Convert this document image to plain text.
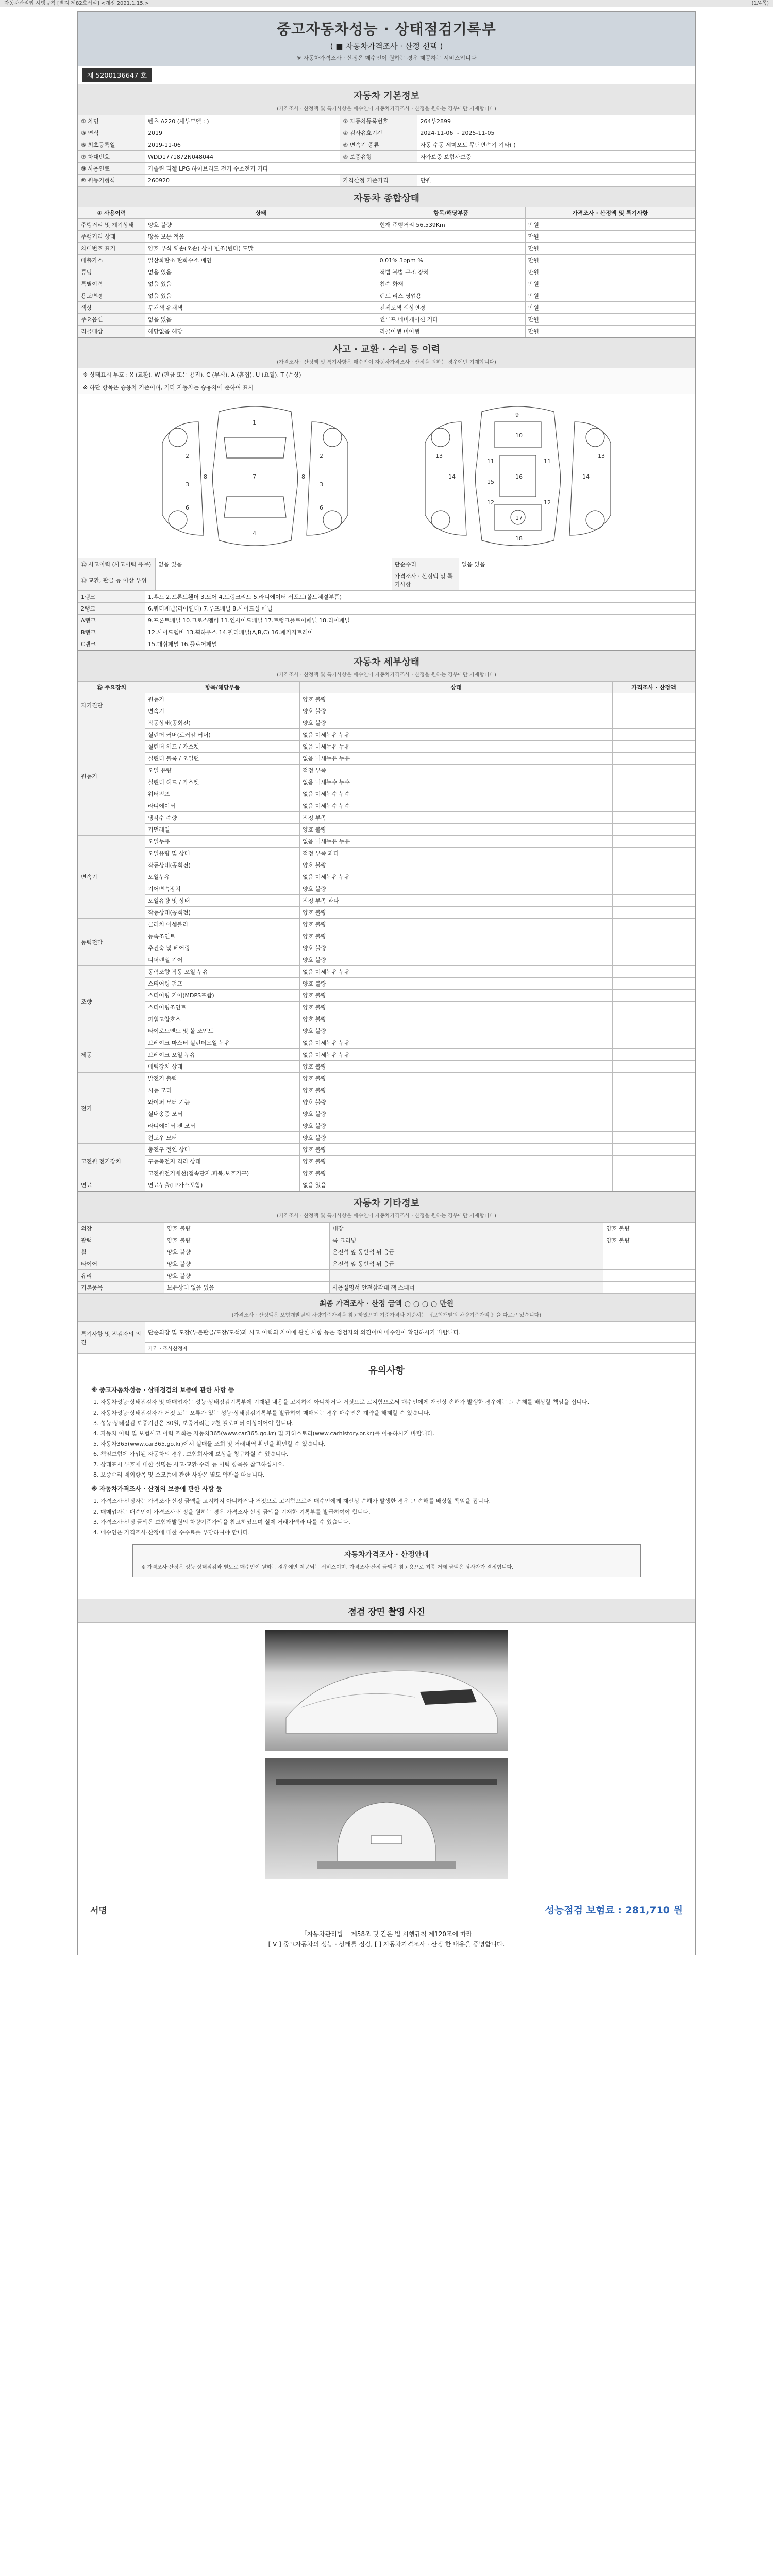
자동차관리법 시행규칙 [별지 제82호서식] <개정 2021.1.15.>	(1/4쪽)
중고자동차성능 · 상태점검기록부
( ■ 자동차가격조사 · 산정 선택 )
※ 자동차가격조사 · 산정은 매수인이 원하는 경우 제공하는 서비스입니다
제 5200136647 호
자동차 기본정보
(가격조사 · 산정액 및 특기사항은 매수인이 자동차가격조사 · 산정을 원하는 경우에만 기재합니다)
① 차명	벤츠 A220 (세부모델 : )	② 자동차등록번호	264부2899
③ 연식	2019	④ 검사유효기간	2024-11-06 ~ 2025-11-05
⑤ 최초등록일	2019-11-06	⑥ 변속기 종류	자동 수동 세미오토 무단변속기 기타( )
⑦ 차대번호	WDD1771872N048044	⑧ 보증유형	자가보증 보험사보증
⑨ 사용연료	가솔린 디젤 LPG 하이브리드 전기 수소전기 기타		
⑩ 원동기형식	260920	가격산정 기준가격	만원
자동차 종합상태
① 사용이력	상태	항목/해당부품	가격조사 · 산정액 및 특기사항
주행거리 및 계기상태	양호 불량	현재 주행거리 56,539Km	만원
주행거리 상태	많음 보통 적음		만원
차대번호 표기	양호 부식 훼손(오손) 상이 변조(변타) 도말		만원
배출가스	일산화탄소 탄화수소 매연	0.01% 3ppm %	만원
튜닝	없음 있음	적법 불법 구조 장치	만원
특별이력	없음 있음	침수 화재	만원
용도변경	없음 있음	렌트 리스 영업용	만원
색상	무채색 유채색	전체도색 색상변경	만원
주요옵션	없음 있음	썬루프 네비게이션 기타	만원
리콜대상	해당없음 해당	리콜이행 미이행	만원
사고 · 교환 · 수리 등 이력
(가격조사 · 산정액 및 특기사항은 매수인이 자동차가격조사 · 산정을 원하는 경우에만 기재합니다)
※ 상태표시 부호 : X (교환), W (판금 또는 용접), C (부식), A (흠집), U (요철), T (손상)
※ 하단 항목은 승용차 기준이며, 기타 자동차는 승용차에 준하여 표시
1
7
4
2
3
6
2
3
6
8	8
9
10
16
17
18
11	11
12	12
14	14
15
13	13
⑫ 사고이력 (사고이력 유무)	없음 있음	단순수리	없음 있음
⑬ 교환, 판금 등 이상 부위		가격조사 · 산정액 및 특기사항	
1랭크	1.후드 2.프론트휀더 3.도어 4.트렁크리드 5.라디에이터 서포트(볼트체결부품)
2랭크	6.쿼터패널(리어휀더) 7.루프패널 8.사이드실 패널
A랭크	9.프론트패널 10.크로스멤버 11.인사이드패널 17.트렁크플로어패널 18.리어패널
B랭크	12.사이드멤버 13.휠하우스 14.필러패널(A,B,C) 16.패키지트레이
C랭크	15.대쉬패널 16.플로어패널
자동차 세부상태
(가격조사 · 산정액 및 특기사항은 매수인이 자동차가격조사 · 산정을 원하는 경우에만 기재합니다)
⑮ 주요장치	항목/해당부품	상태	가격조사 · 산정액
자기진단	원동기	양호 불량	
	변속기	양호 불량	
원동기	작동상태(공회전)	양호 불량	
	실린더 커버(로커암 커버)	없음 미세누유 누유	
	실린더 헤드 / 가스켓	없음 미세누유 누유	
	실린더 블록 / 오일팬	없음 미세누유 누유	
	오일 유량	적정 부족	
	실린더 헤드 / 가스켓	없음 미세누수 누수	
	워터펌프	없음 미세누수 누수	
	라디에이터	없음 미세누수 누수	
	냉각수 수량	적정 부족	
	커먼레일	양호 불량	
변속기	오일누유	없음 미세누유 누유	
	오일유량 및 상태	적정 부족 과다	
	작동상태(공회전)	양호 불량	
	오일누유	없음 미세누유 누유	
	기어변속장치	양호 불량	
	오일유량 및 상태	적정 부족 과다	
	작동상태(공회전)	양호 불량	
동력전달	클러치 어셈블리	양호 불량	
	등속조인트	양호 불량	
	추진축 및 베어링	양호 불량	
	디퍼렌셜 기어	양호 불량	
조향	동력조향 작동 오일 누유	없음 미세누유 누유	
	스티어링 펌프	양호 불량	
	스티어링 기어(MDPS포함)	양호 불량	
	스티어링조인트	양호 불량	
	파워고압호스	양호 불량	
	타이로드엔드 및 볼 조인트	양호 불량	
제동	브레이크 마스터 실린더오일 누유	없음 미세누유 누유	
	브레이크 오일 누유	없음 미세누유 누유	
	배력장치 상태	양호 불량	
전기	발전기 출력	양호 불량	
	시동 모터	양호 불량	
	와이퍼 모터 기능	양호 불량	
	실내송풍 모터	양호 불량	
	라디에이터 팬 모터	양호 불량	
	윈도우 모터	양호 불량	
고전원 전기장치	충전구 절연 상태	양호 불량	
	구동축전지 격리 상태	양호 불량	
	고전원전기배선(접속단자,피복,보호기구)	양호 불량	
연료	연료누출(LP가스포함)	없음 있음	
자동차 기타정보
(가격조사 · 산정액 및 특기사항은 매수인이 자동차가격조사 · 산정을 원하는 경우에만 기재합니다)
외장	양호 불량	내장	양호 불량
광택	양호 불량	룸 크리닝	양호 불량
휠	양호 불량	운전석 앞 동반석 뒤 응급	
타이어	양호 불량	운전석 앞 동반석 뒤 응급	
유리	양호 불량		
기본품목	보유상태 없음 있음	사용설명서 안전삼각대 잭 스패너	
최종 가격조사 · 산정 금액 ○ ○ ○ ○ 만원
(가격조사 · 산정액은 보험개발원의 차량기준가격을 참고하였으며 기준가격과 기준서는 《보험개발원 차량기준가액 》을 따르고 있습니다)
특기사항 및 점검자의 의견	단순외장 및 도장(부분판금/도장/도색)과 사고 이력의 차이에 관한 사항 등은 점검자의 의견이며 매수인이 확인하시기 바랍니다.
가격 · 조사산정자
유의사항
※ 중고자동차성능 · 상태점검의 보증에 관한 사항 등
1. 자동차성능·상태점검자 및 매매업자는 성능·상태점검기록부에 기재된 내용을 고지하지 아니하거나 거짓으로 고지함으로써 매수인에게 재산상 손해가 발생한 경우에는 그 손해를 배상할 책임을 집니다.
2. 자동차성능·상태점검자가 거짓 또는 오류가 있는 성능·상태점검기록부를 발급하여 매매되는 경우 매수인은 계약을 해제할 수 있습니다.
3. 성능·상태점검 보증기간은 30일, 보증거리는 2천 킬로미터 이상이어야 합니다.
4. 자동차 이력 및 보험사고 이력 조회는 자동차365(www.car365.go.kr) 및 카히스토리(www.carhistory.or.kr)를 이용하시기 바랍니다.
5. 자동차365(www.car365.go.kr)에서 실매물 조회 및 거래내역 확인을 확인할 수 있습니다.
6. 책임보험에 가입된 자동차의 경우, 보험회사에 보상을 청구하실 수 있습니다.
7. 상태표시 부호에 대한 설명은 사고·교환·수리 등 이력 항목을 참고하십시오.
8. 보증수리 제외항목 및 소모품에 관한 사항은 별도 약관을 따릅니다.
※ 자동차가격조사 · 산정의 보증에 관한 사항 등
1. 가격조사·산정자는 가격조사·산정 금액을 고지하지 아니하거나 거짓으로 고지함으로써 매수인에게 재산상 손해가 발생한 경우 그 손해를 배상할 책임을 집니다.
2. 매매업자는 매수인이 가격조사·산정을 원하는 경우 가격조사·산정 금액을 기재한 기록부를 발급하여야 합니다.
3. 가격조사·산정 금액은 보험개발원의 차량기준가액을 참고하였으며 실제 거래가액과 다를 수 있습니다.
4. 매수인은 가격조사·산정에 대한 수수료를 부담하여야 합니다.
자동차가격조사 · 산정안내
※ 가격조사·산정은 성능·상태점검과 별도로 매수인이 원하는 경우에만 제공되는 서비스이며, 가격조사·산정 금액은 참고용으로 최종 거래 금액은 당사자가 결정합니다.
점검 장면 촬영 사진
서명	성능점검 보험료 : 281,710 원
「자동차관리법」 제58조 및 같은 법 시행규칙 제120조에 따라
[ V ] 중고자동차의 성능 · 상태를 점검, [ ] 자동차가격조사 · 산정 한 내용을 증명합니다.
